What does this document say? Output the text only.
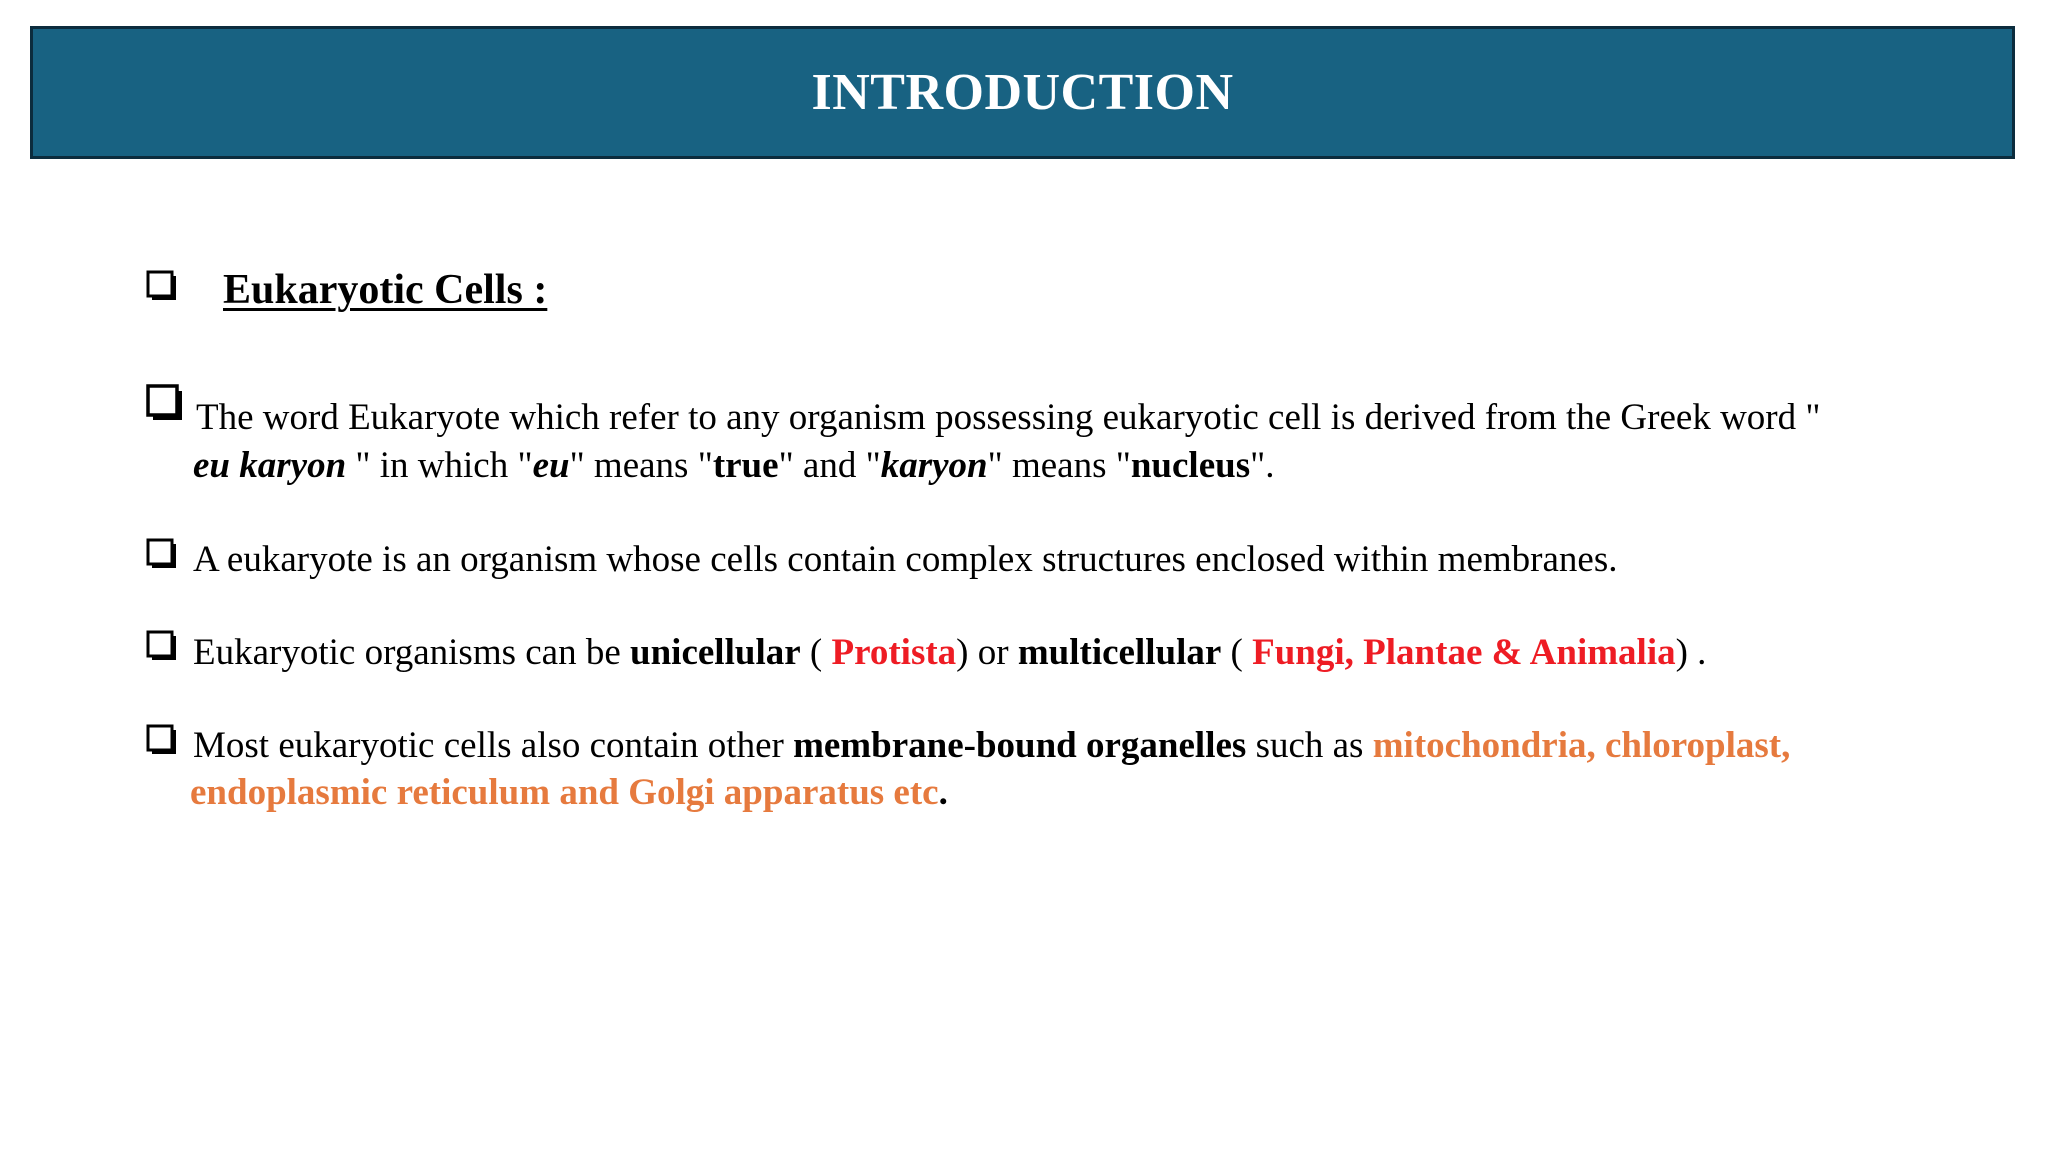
INTRODUCTION
Eukaryotic Cells :
The word Eukaryote which refer to any organism possessing eukaryotic cell is derived from the Greek word "
eu karyon " in which "eu" means "true" and "karyon" means "nucleus".
A eukaryote is an organism whose cells contain complex structures enclosed within membranes.
Eukaryotic organisms can be unicellular ( Protista) or multicellular ( Fungi, Plantae & Animalia) .
Most eukaryotic cells also contain other membrane-bound organelles such as mitochondria, chloroplast,
endoplasmic reticulum and Golgi apparatus etc.
